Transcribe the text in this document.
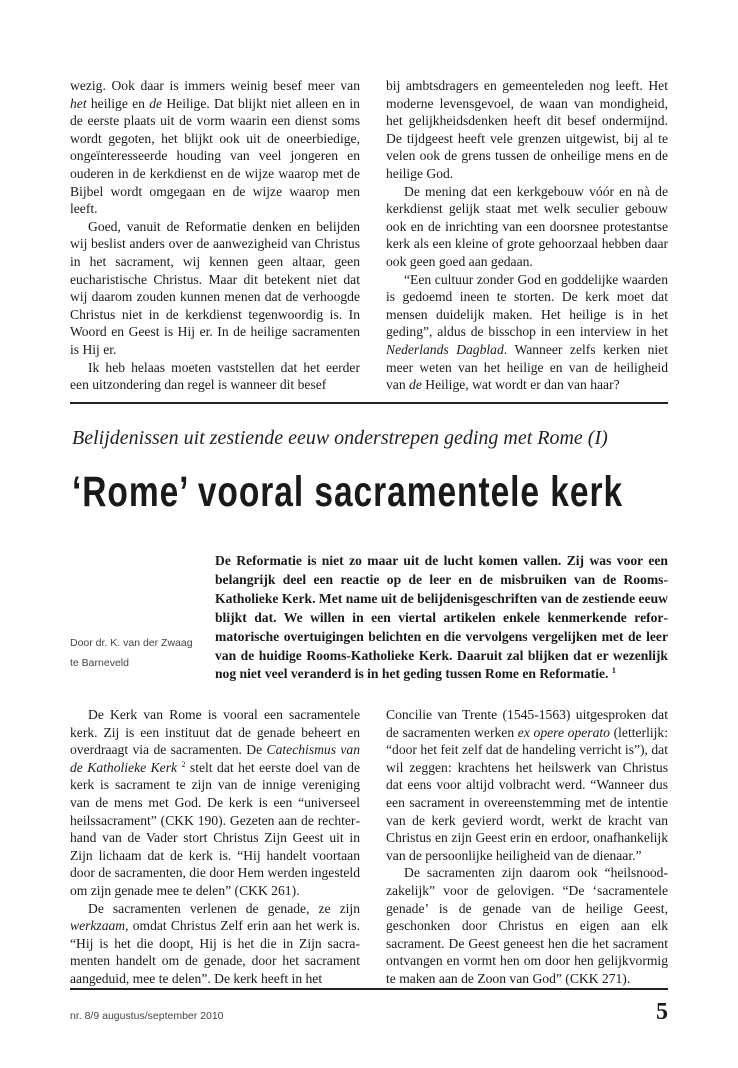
wezig. Ook daar is immers weinig besef meer van het heilige en de Heilige. Dat blijkt niet alleen en in de eerste plaats uit de vorm waarin een dienst soms wordt gegoten, het blijkt ook uit de oneerbiedige, ongeïnteresseerde houding van veel jongeren en ouderen in de kerkdienst en de wijze waarop met de Bijbel wordt omgegaan en de wijze waarop men leeft.

Goed, vanuit de Reformatie denken en belijden wij beslist anders over de aanwezigheid van Christus in het sacrament, wij kennen geen altaar, geen eucharistische Christus. Maar dit betekent niet dat wij daarom zouden kunnen menen dat de verhoogde Christus niet in de kerkdienst tegenwoordig is. In Woord en Geest is Hij er. In de heilige sacramenten is Hij er.

Ik heb helaas moeten vaststellen dat het eerder een uitzondering dan regel is wanneer dit besef

bij ambtsdragers en gemeenteleden nog leeft. Het moderne levensgevoel, de waan van mondigheid, het gelijkheidsdenken heeft dit besef ondermijnd. De tijdgeest heeft vele grenzen uitgewist, bij al te velen ook de grens tussen de onheilige mens en de heilige God.

De mening dat een kerkgebouw vóór en nà de kerkdienst gelijk staat met welk seculier gebouw ook en de inrichting van een doorsnee protestantse kerk als een kleine of grote gehoorzaal hebben daar ook geen goed aan gedaan.

“Een cultuur zonder God en goddelijke waarden is gedoemd ineen te storten. De kerk moet dat mensen duidelijk maken. Het heilige is in het geding”, aldus de bisschop in een interview in het Nederlands Dagblad. Wanneer zelfs kerken niet meer weten van het heilige en van de heiligheid van de Heilige, wat wordt er dan van haar?

Belijdenissen uit zestiende eeuw onderstrepen geding met Rome (I)
‘Rome’ vooral sacramentele kerk
Door dr. K. van der Zwaag
te Barneveld
De Reformatie is niet zo maar uit de lucht komen vallen. Zij was voor een belangrijk deel een reactie op de leer en de misbruiken van de Rooms-Katholieke Kerk. Met name uit de belijdenisgeschriften van de zestiende eeuw blijkt dat. We willen in een viertal artikelen enkele kenmerkende reformatorische overtuigingen belichten en die vervolgens vergelijken met de leer van de huidige Rooms-Katholieke Kerk. Daaruit zal blijken dat er wezenlijk nog niet veel veranderd is in het geding tussen Rome en Reformatie. $^1$

De Kerk van Rome is vooral een sacramentele kerk. Zij is een instituut dat de genade beheert en overdraagt via de sacramenten. De Catechismus van de Katholieke Kerk $^2$ stelt dat het eerste doel van de kerk is sacrament te zijn van de innige vereniging van de mens met God. De kerk is een “universeel heilssacrament” (CKK 190). Gezeten aan de rechterhand van de Vader stort Christus Zijn Geest uit in Zijn lichaam dat de kerk is. “Hij handelt voortaan door de sacramenten, die door Hem werden ingesteld om zijn genade mee te delen” (CKK 261).

De sacramenten verlenen de genade, ze zijn werkzaam, omdat Christus Zelf erin aan het werk is. “Hij is het die doopt, Hij is het die in Zijn sacramenten handelt om de genade, door het sacrament aangeduid, mee te delen”. De kerk heeft in het

Concilie van Trente (1545-1563) uitgesproken dat de sacramenten werken ex opere operato (letterlijk: “door het feit zelf dat de handeling verricht is”), dat wil zeggen: krachtens het heilswerk van Christus dat eens voor altijd volbracht werd. “Wanneer dus een sacrament in overeenstemming met de intentie van de kerk gevierd wordt, werkt de kracht van Christus en zijn Geest erin en erdoor, onafhankelijk van de persoonlijke heiligheid van de dienaar.”

De sacramenten zijn daarom ook “heilsnoodzakelijk” voor de gelovigen. “De ‘sacramentele genade’ is de genade van de heilige Geest, geschonken door Christus en eigen aan elk sacrament. De Geest geneest hen die het sacrament ontvangen en vormt hen om door hen gelijkvormig te maken aan de Zoon van God” (CKK 271).

nr. 8/9 augustus/september 2010	5
